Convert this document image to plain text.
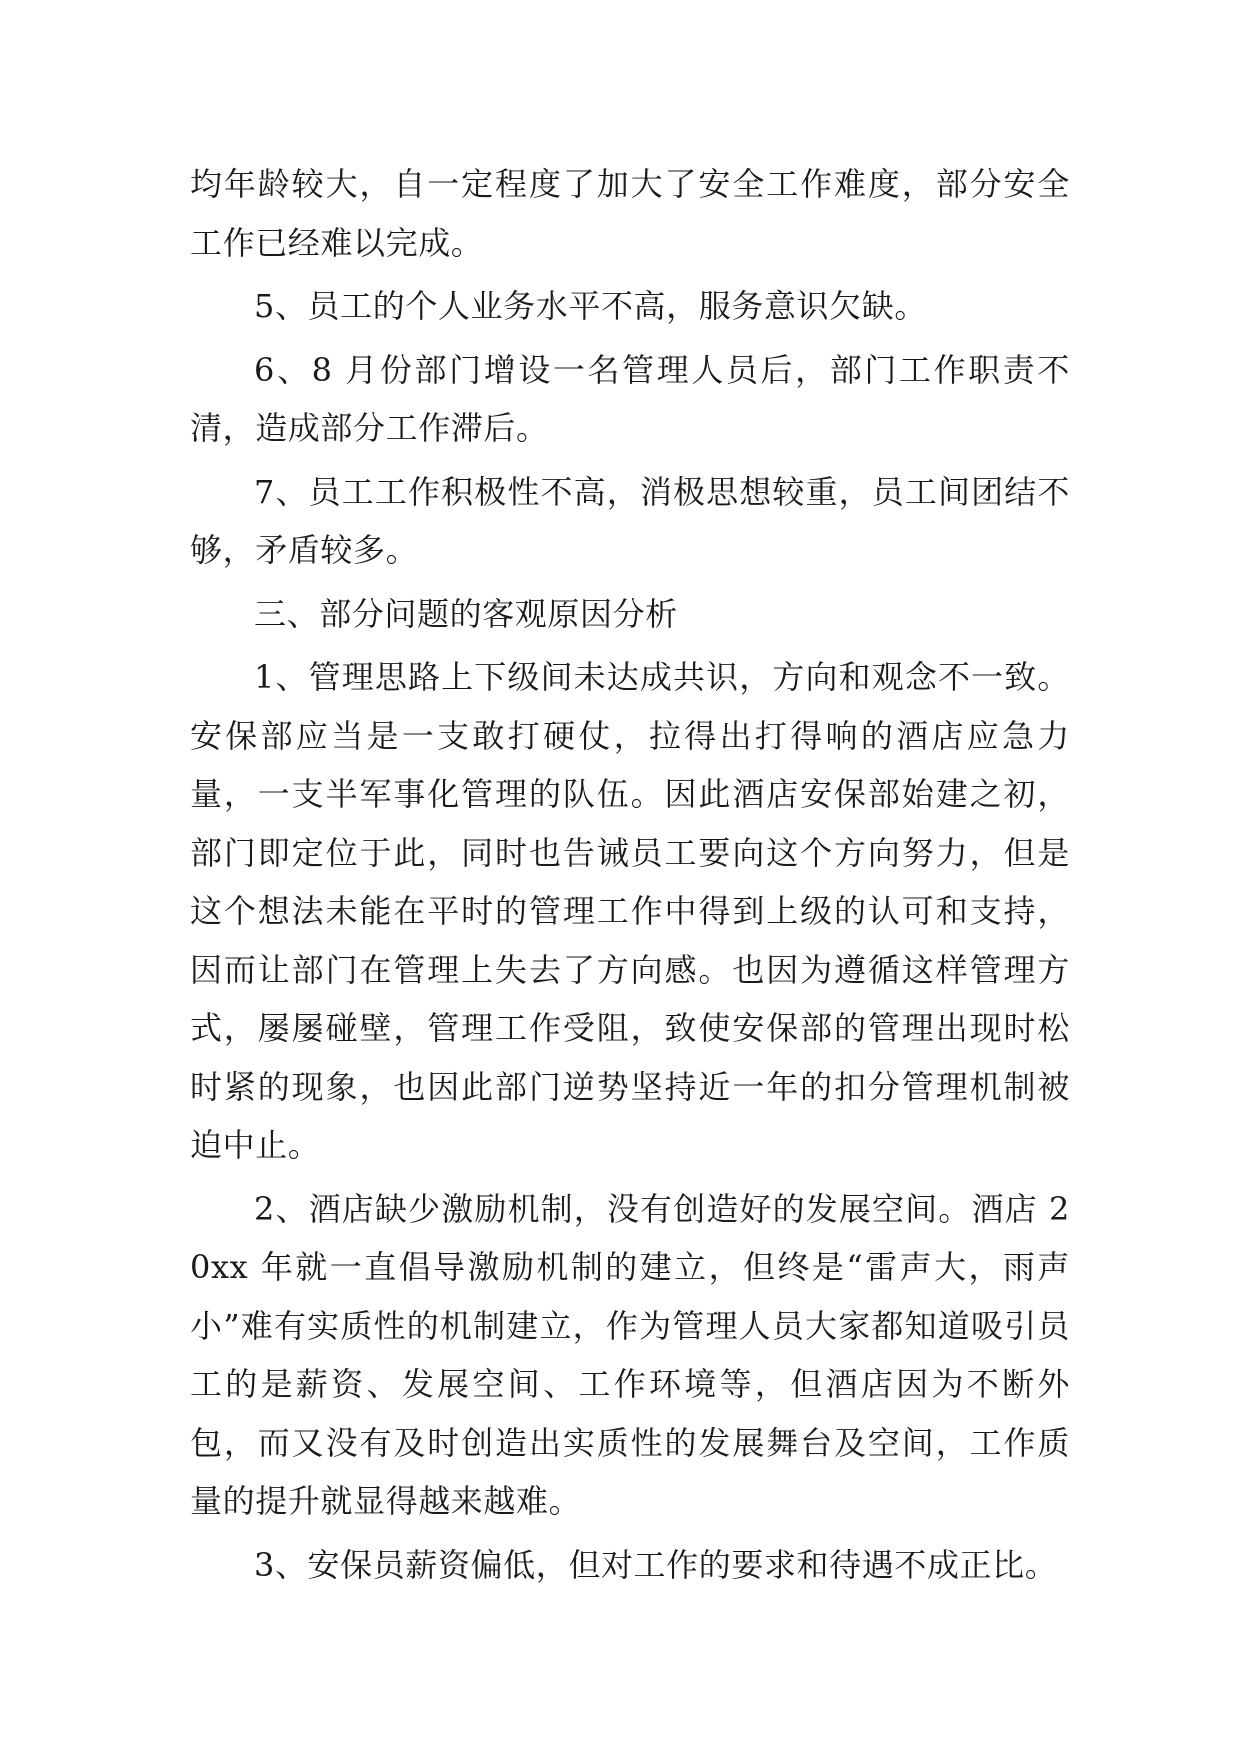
均年龄较大，自一定程度了加大了安全工作难度，部分安全工作已经难以完成。

5、员工的个人业务水平不高，服务意识欠缺。

6、8 月份部门增设一名管理人员后，部门工作职责不清，造成部分工作滞后。

7、员工工作积极性不高，消极思想较重，员工间团结不够，矛盾较多。

三、部分问题的客观原因分析

1、管理思路上下级间未达成共识，方向和观念不一致。安保部应当是一支敢打硬仗，拉得出打得响的酒店应急力量，一支半军事化管理的队伍。因此酒店安保部始建之初，部门即定位于此，同时也告诫员工要向这个方向努力，但是这个想法未能在平时的管理工作中得到上级的认可和支持，因而让部门在管理上失去了方向感。也因为遵循这样管理方式，屡屡碰壁，管理工作受阻，致使安保部的管理出现时松时紧的现象，也因此部门逆势坚持近一年的扣分管理机制被迫中止。

2、酒店缺少激励机制，没有创造好的发展空间。酒店 20xx 年就一直倡导激励机制的建立，但终是“雷声大，雨声小”难有实质性的机制建立，作为管理人员大家都知道吸引员工的是薪资、发展空间、工作环境等，但酒店因为不断外包，而又没有及时创造出实质性的发展舞台及空间，工作质量的提升就显得越来越难。

3、安保员薪资偏低，但对工作的要求和待遇不成正比。
